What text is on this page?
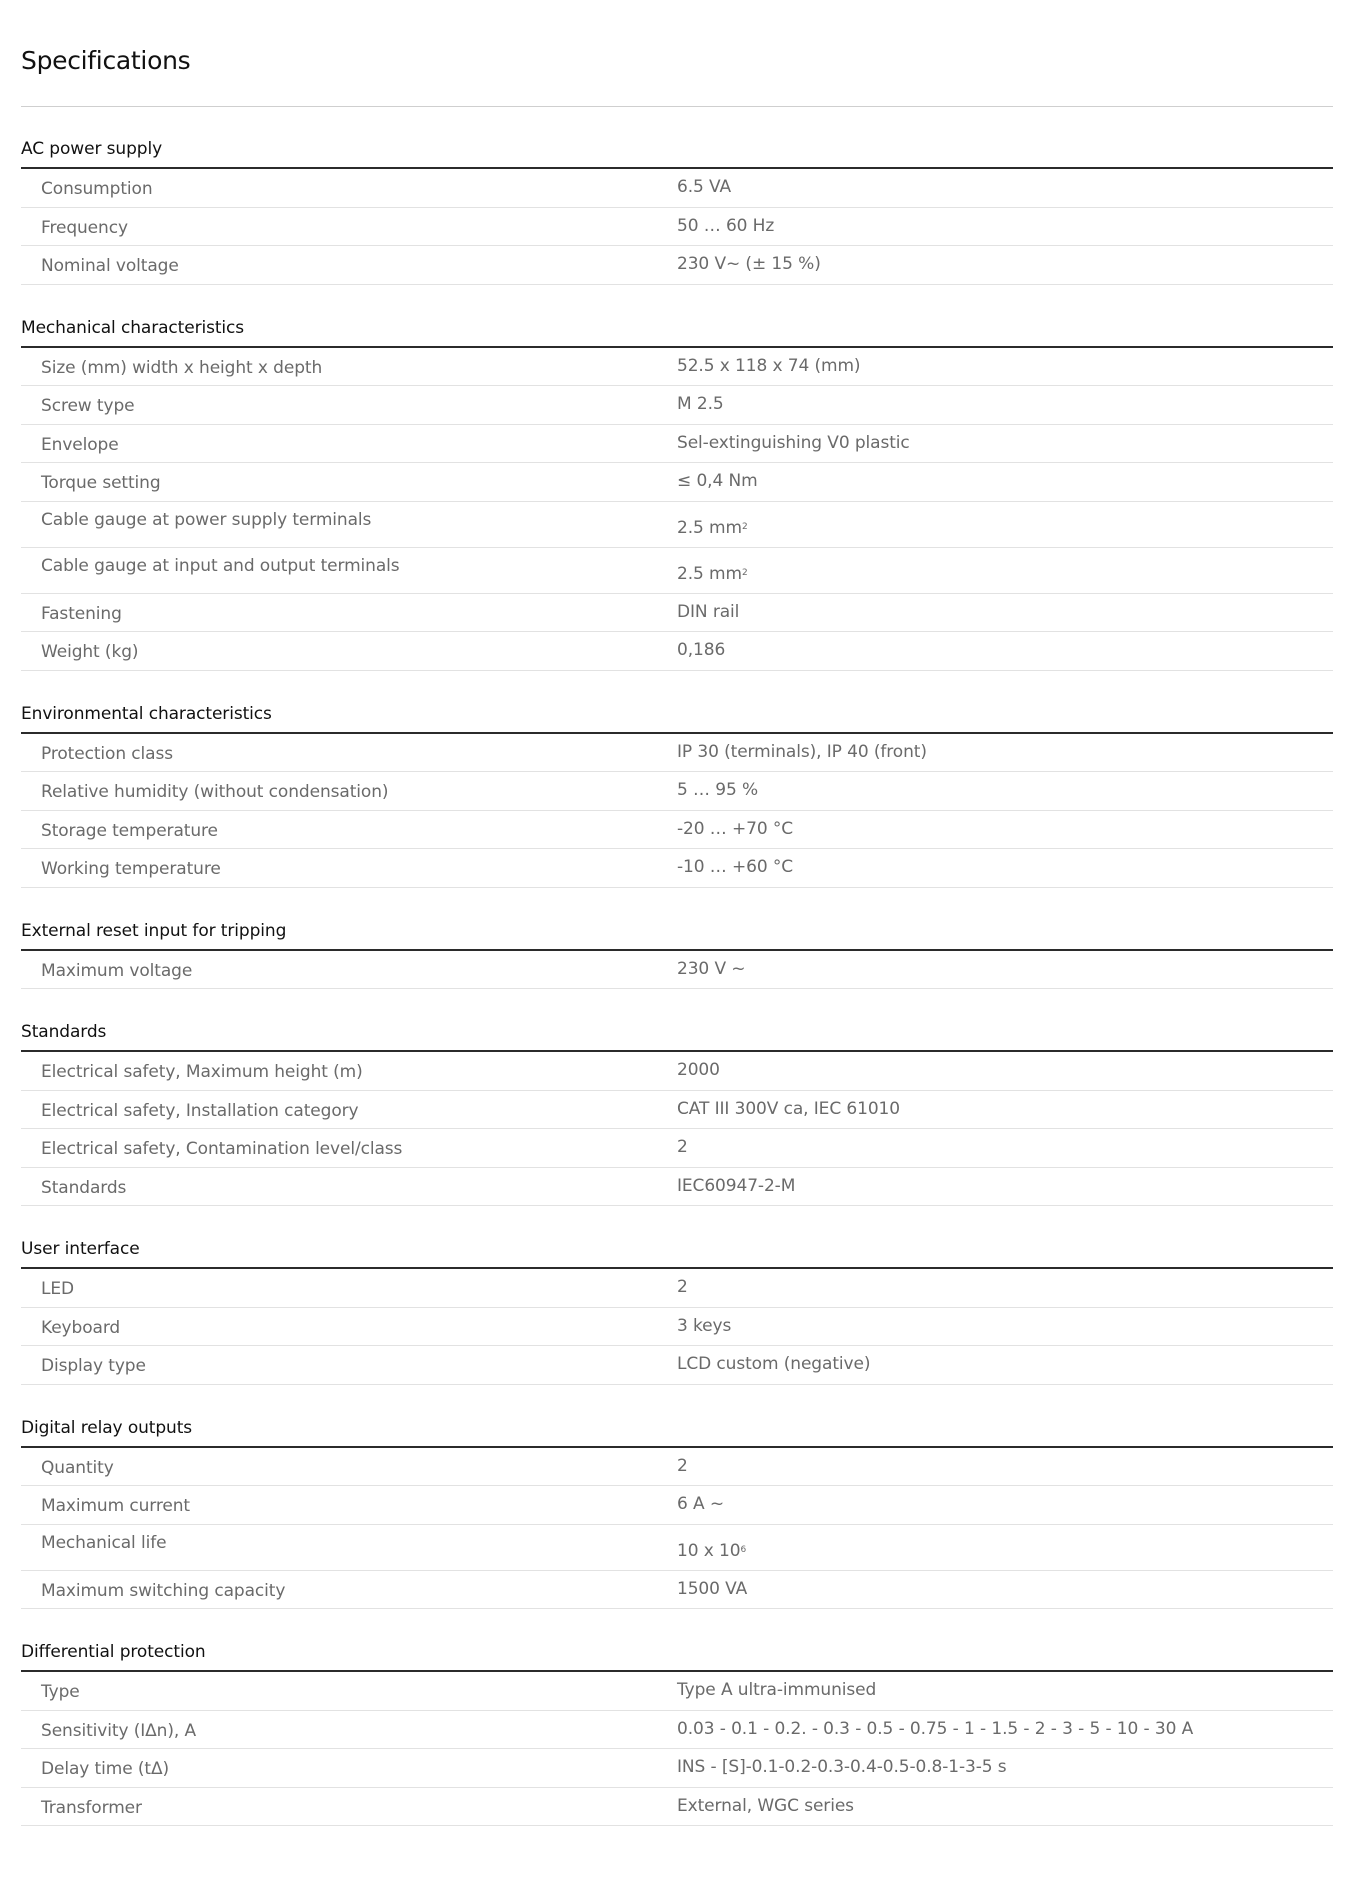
Specifications
AC power supply
Consumption	6.5 VA
Frequency	50 … 60 Hz
Nominal voltage	230 V~ (± 15 %)
Mechanical characteristics
Size (mm) width x height x depth	52.5 x 118 x 74 (mm)
Screw type	M 2.5
Envelope	Sel-extinguishing V0 plastic
Torque setting	≤ 0,4 Nm
Cable gauge at power supply terminals	2.5 $mm^2$
Cable gauge at input and output terminals	2.5 $mm^2$
Fastening	DIN rail
Weight (kg)	0,186
Environmental characteristics
Protection class	IP 30 (terminals), IP 40 (front)
Relative humidity (without condensation)	5 … 95 %
Storage temperature	-20 … +70 °C
Working temperature	-10 … +60 °C
External reset input for tripping
Maximum voltage	230 V ~
Standards
Electrical safety, Maximum height (m)	2000
Electrical safety, Installation category	CAT III 300V ca, IEC 61010
Electrical safety, Contamination level/class	2
Standards	IEC60947-2-M
User interface
LED	2
Keyboard	3 keys
Display type	LCD custom (negative)
Digital relay outputs
Quantity	2
Maximum current	6 A ~
Mechanical life	10 x $10^6$
Maximum switching capacity	1500 VA
Differential protection
Type	Type A ultra-immunised
Sensitivity (IΔn), A	0.03 - 0.1 - 0.2. - 0.3 - 0.5 - 0.75 - 1 - 1.5 - 2 - 3 - 5 - 10 - 30 A
Delay time (tΔ)	INS - [S]-0.1-0.2-0.3-0.4-0.5-0.8-1-3-5 s
Transformer	External, WGC series
